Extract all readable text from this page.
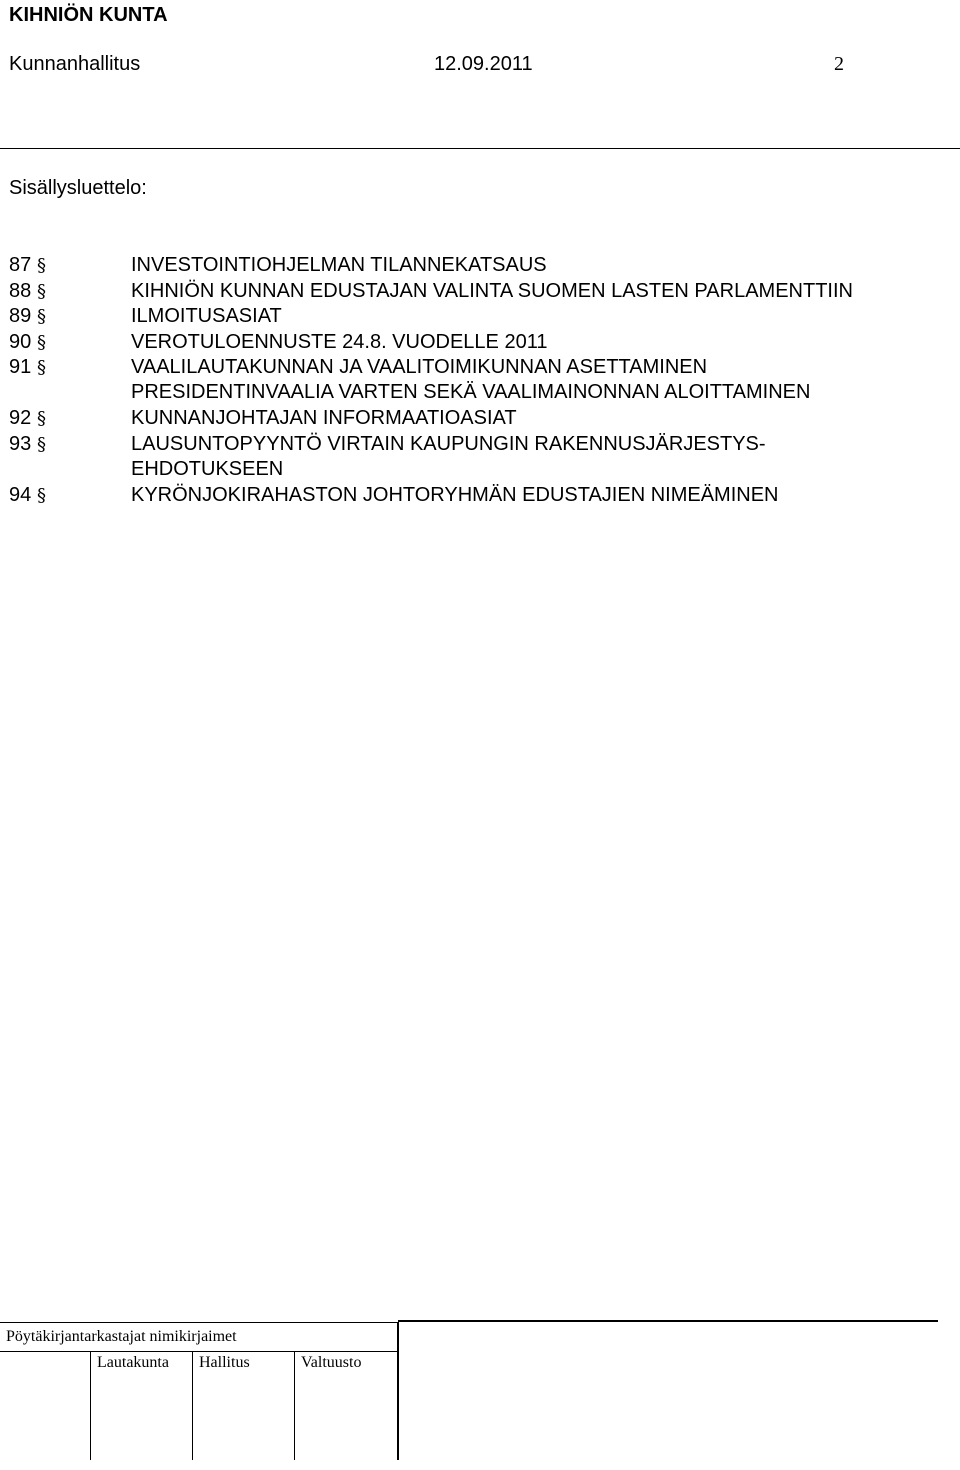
KIHNIÖN KUNTA
Kunnanhallitus	12.09.2011	2
Sisällysluettelo:
87 §	INVESTOINTIOHJELMAN TILANNEKATSAUS
88 §	KIHNIÖN KUNNAN EDUSTAJAN VALINTA SUOMEN LASTEN PARLAMENTTIIN
89 §	ILMOITUSASIAT
90 §	VEROTULOENNUSTE 24.8. VUODELLE 2011
91 §	VAALILAUTAKUNNAN JA VAALITOIMIKUNNAN ASETTAMINEN
PRESIDENTINVAALIA VARTEN SEKÄ VAALIMAINONNAN ALOITTAMINEN
92 §	KUNNANJOHTAJAN INFORMAATIOASIAT
93 §	LAUSUNTOPYYNTÖ VIRTAIN KAUPUNGIN RAKENNUSJÄRJESTYS-
EHDOTUKSEEN
94 §	KYRÖNJOKIRAHASTON JOHTORYHMÄN EDUSTAJIEN NIMEÄMINEN
Pöytäkirjantarkastajat nimikirjaimet
Lautakunta Hallitus	Valtuusto
